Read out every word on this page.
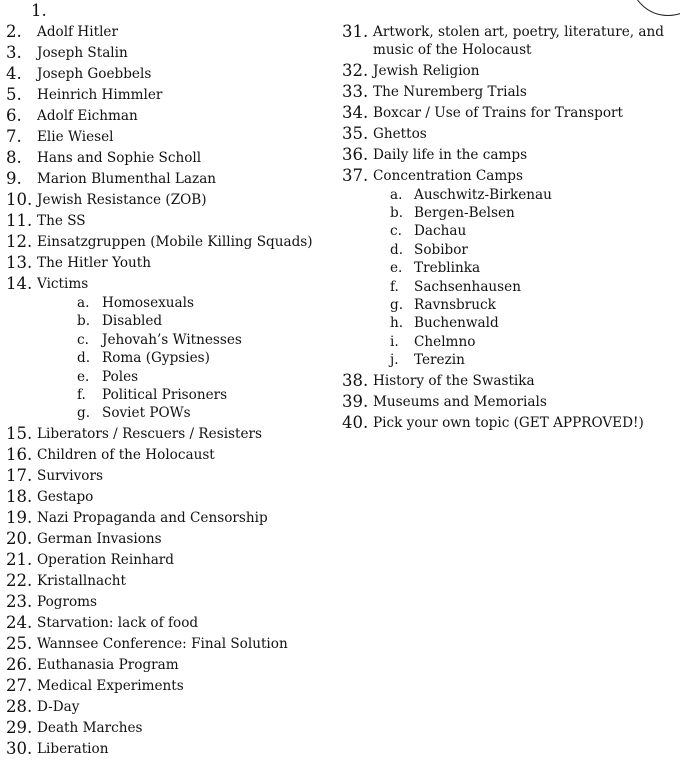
1.
2. Adolf Hitler
3. Joseph Stalin
4. Joseph Goebbels
5. Heinrich Himmler
6. Adolf Eichman
7. Elie Wiesel
8. Hans and Sophie Scholl
9. Marion Blumenthal Lazan
10. Jewish Resistance (ZOB)
11. The SS
12. Einsatzgruppen (Mobile Killing Squads)
13. The Hitler Youth
14. Victims
a. Homosexuals
b. Disabled
c. Jehovah’s Witnesses
d. Roma (Gypsies)
e. Poles
f. Political Prisoners
g. Soviet POWs
15. Liberators / Rescuers / Resisters
16. Children of the Holocaust
17. Survivors
18. Gestapo
19. Nazi Propaganda and Censorship
20. German Invasions
21. Operation Reinhard
22. Kristallnacht
23. Pogroms
24. Starvation: lack of food
25. Wannsee Conference: Final Solution
26. Euthanasia Program
27. Medical Experiments
28. D-Day
29. Death Marches
30. Liberation
31. Artwork, stolen art, poetry, literature, and music of the Holocaust
32. Jewish Religion
33. The Nuremberg Trials
34. Boxcar / Use of Trains for Transport
35. Ghettos
36. Daily life in the camps
37. Concentration Camps
a. Auschwitz-Birkenau
b. Bergen-Belsen
c. Dachau
d. Sobibor
e. Treblinka
f. Sachsenhausen
g. Ravnsbruck
h. Buchenwald
i. Chelmno
j. Terezin
38. History of the Swastika
39. Museums and Memorials
40. Pick your own topic (GET APPROVED!)
